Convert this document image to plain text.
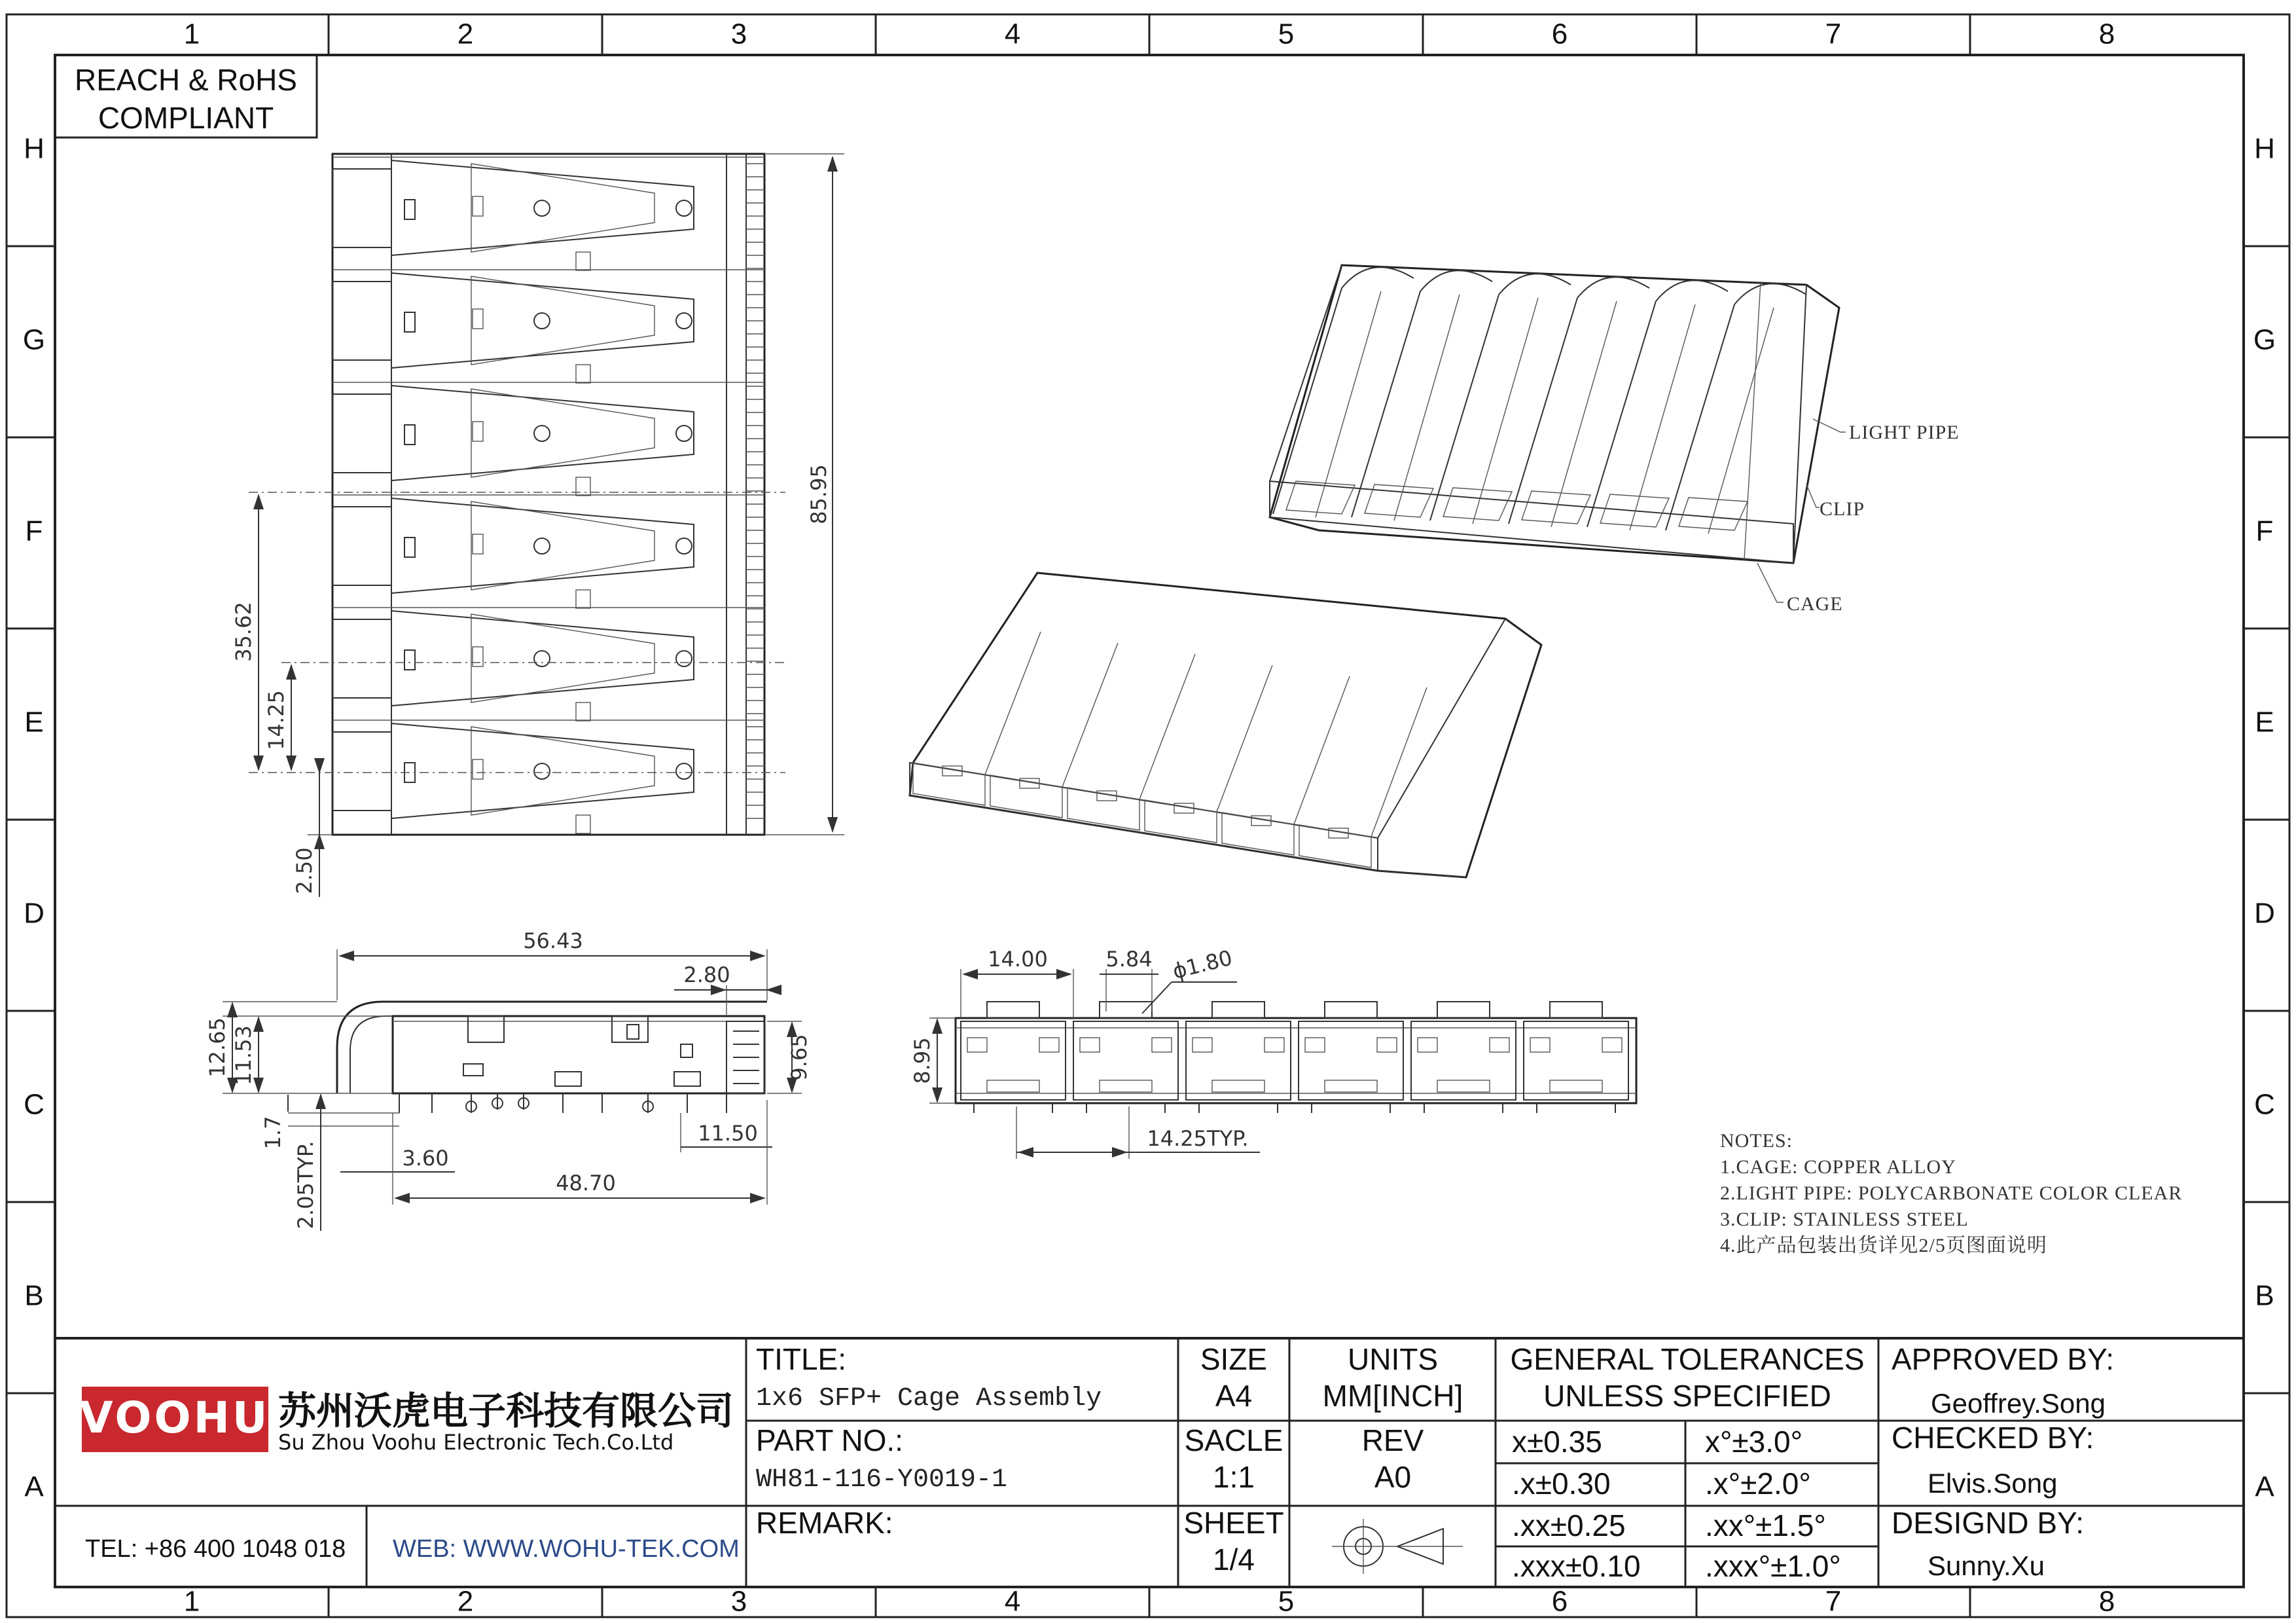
1	2	3	4	5	6	7	8
1	2	3	4	5	6	7	8
H
G
F
E
D
C
B
A
H
G
F
E
D
C
B
A
REACH & RoHS
COMPLIANT
85.95
35.62
14.25
2.50
56.43
2.80
12.65 11.53	9.65
1.7
2.05TYP.	3.60
11.50
48.70
14.00	5.84 ϕ1.80
8.95
14.25TYP.
LIGHT PIPE
CLIP
CAGE
NOTES:
1.CAGE: COPPER ALLOY
2.LIGHT PIPE: POLYCARBONATE COLOR CLEAR
3.CLIP: STAINLESS STEEL
4.此产品包装出货详见2/5页图面说明
VOOHU 苏州沃虎电子科技有限公司
Su Zhou Voohu Electronic Tech.Co.Ltd
TEL: +86 400 1048 018 WEB: WWW.WOHU-TEK.COM
TITLE:
1x6 SFP+ Cage Assembly
PART NO.:
WH81-116-Y0019-1
REMARK:
SIZE
A4
SACLE
1:1
SHEET
1/4
UNITS
MM[INCH]
REV
A0
GENERAL TOLERANCES
UNLESS SPECIFIED
x±0.35	x°±3.0°
.x±0.30	.x°±2.0°
.xx±0.25	.xx°±1.5°
.xxx±0.10 .xxx°±1.0°
APPROVED BY:
Geoffrey.Song
CHECKED BY:
Elvis.Song
DESIGND BY:
Sunny.Xu
